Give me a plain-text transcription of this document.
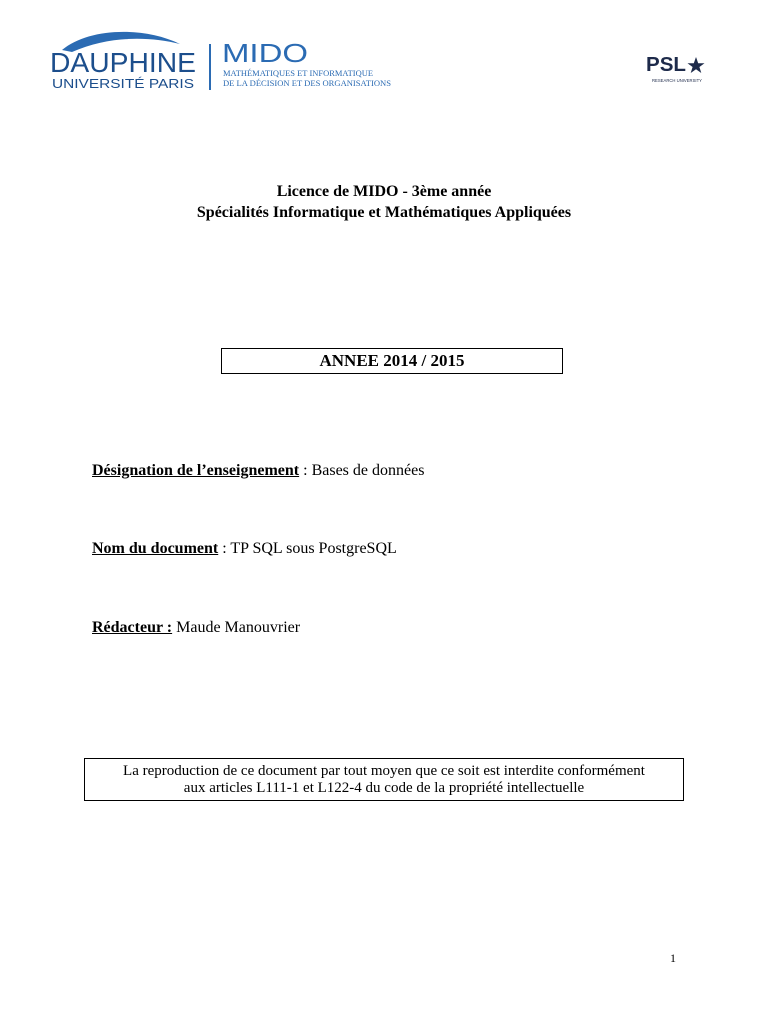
DAUPHINE
UNIVERSITÉ PARIS
MIDO
MATHÉMATIQUES ET INFORMATIQUE
DE LA DÉCISION ET DES ORGANISATIONS
PSL
RESEARCH UNIVERSITY
Licence de MIDO - 3ème année
Spécialités Informatique et Mathématiques Appliquées
ANNEE 2014 / 2015
Désignation de l’enseignement : Bases de données
Nom du document : TP SQL sous PostgreSQL
Rédacteur : Maude Manouvrier
La reproduction de ce document par tout moyen que ce soit est interdite conformément
aux articles L111-1 et L122-4 du code de la propriété intellectuelle
1
